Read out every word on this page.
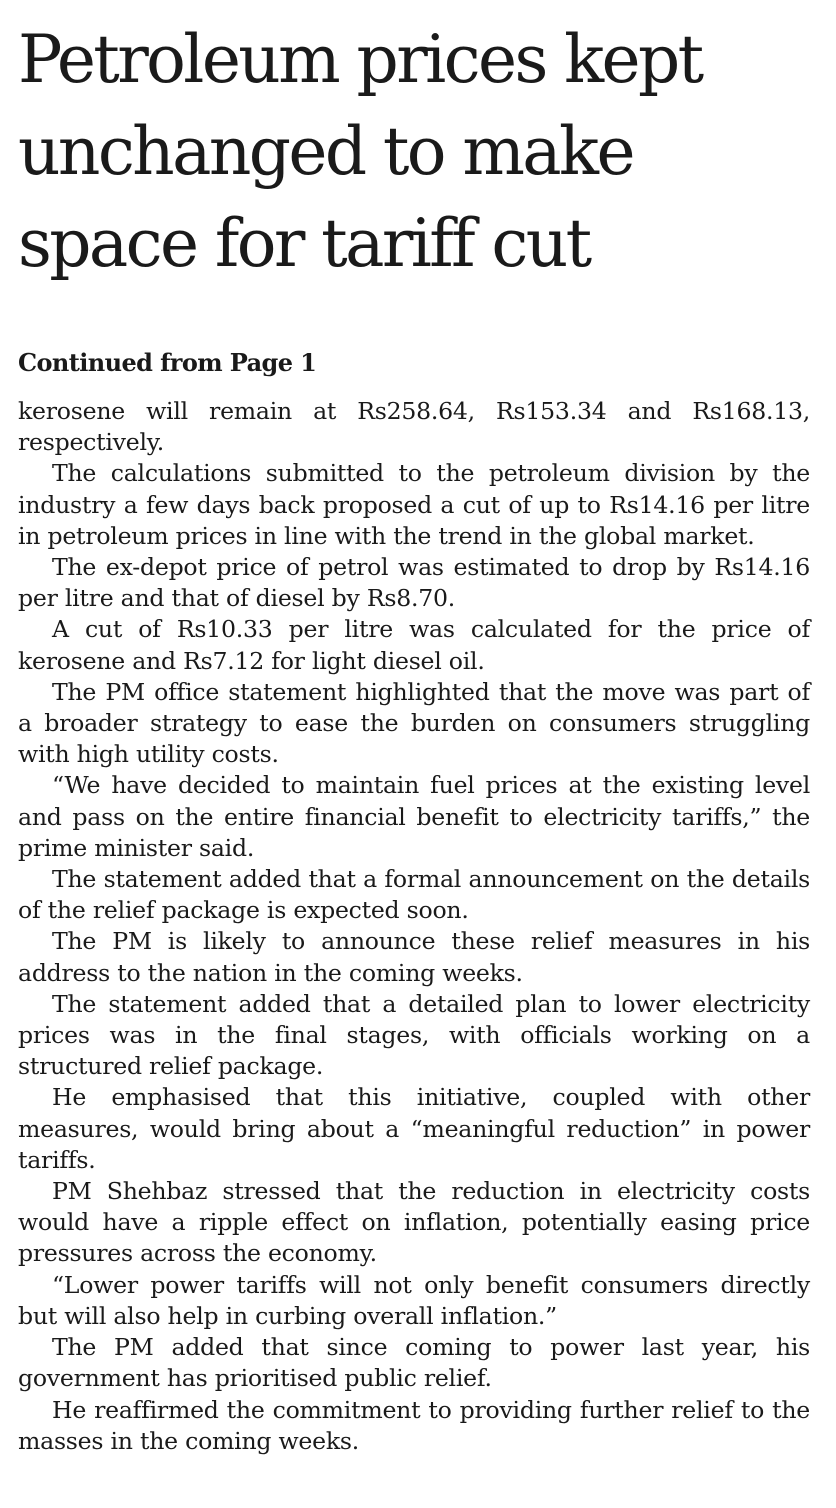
Petroleum prices kept
unchanged to make
space for tariff cut
Continued from Page 1

kerosene will remain at Rs258.64, Rs153.34 and Rs168.13, respectively.

The calculations submitted to the petroleum division by the industry a few days back proposed a cut of up to Rs14.16 per litre in petroleum prices in line with the trend in the global market.

The ex-depot price of petrol was estimated to drop by Rs14.16 per litre and that of diesel by Rs8.70.

A cut of Rs10.33 per litre was calculated for the price of kerosene and Rs7.12 for light diesel oil.

The PM office statement highlighted that the move was part of a broader strategy to ease the burden on consumers struggling with high utility costs.

“We have decided to maintain fuel prices at the existing level and pass on the entire financial benefit to electricity tariffs,” the prime minister said.

The statement added that a formal announcement on the details of the relief package is expected soon.

The PM is likely to announce these relief measures in his address to the nation in the coming weeks.

The statement added that a detailed plan to lower electricity prices was in the final stages, with officials working on a structured relief package.

He emphasised that this initiative, coupled with other measures, would bring about a “meaningful reduction” in power tariffs.

PM Shehbaz stressed that the reduction in electricity costs would have a ripple effect on inflation, potentially easing price pressures across the economy.

“Lower power tariffs will not only benefit consumers directly but will also help in curbing overall inflation.”

The PM added that since coming to power last year, his government has prioritised public relief.

He reaffirmed the commitment to providing further relief to the masses in the coming weeks.
